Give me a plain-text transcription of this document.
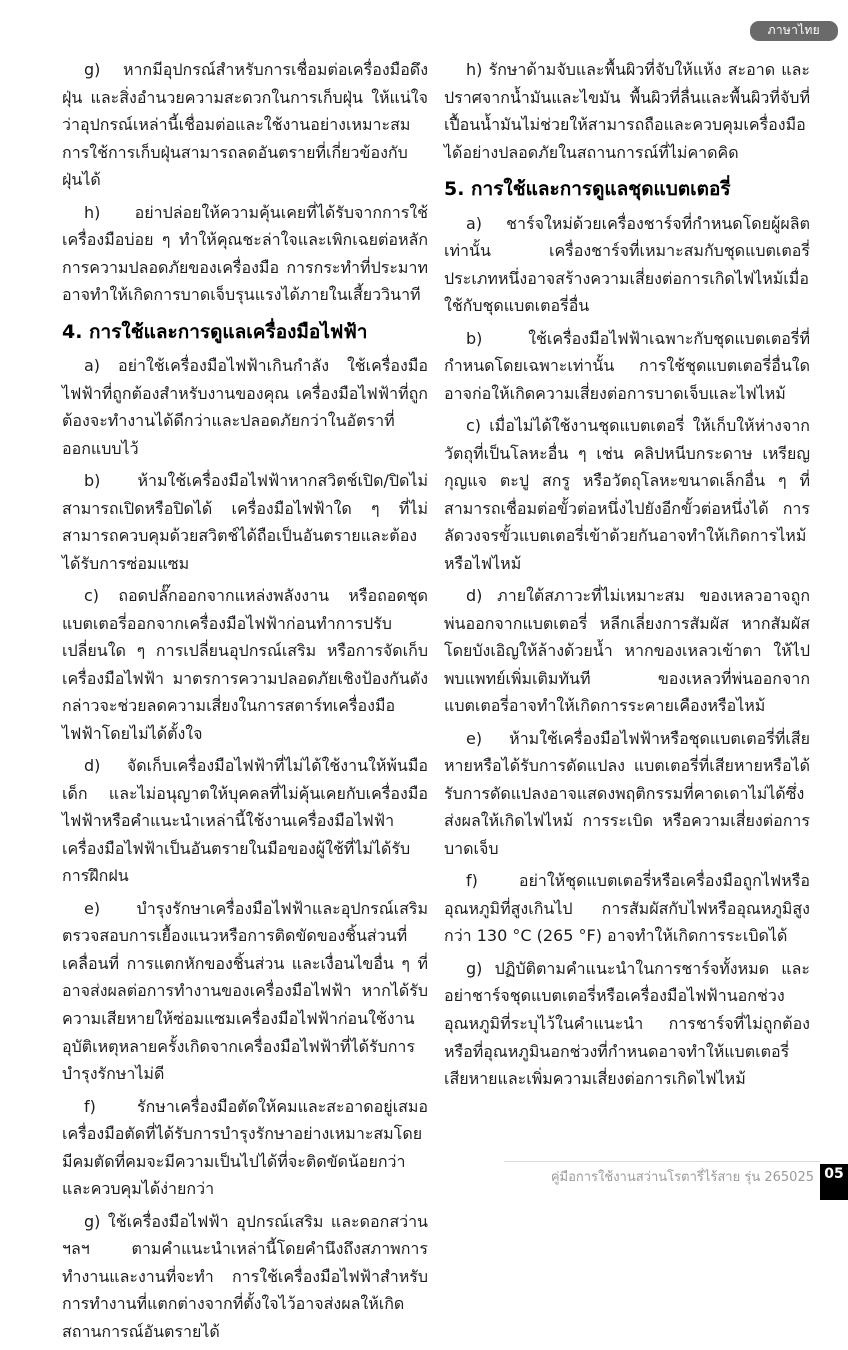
ภาษาไทย

g) หากมีอุปกรณ์สำหรับการเชื่อมต่อเครื่องมือดึงฝุ่น และสิ่งอำนวยความสะดวกในการเก็บฝุ่น ให้แน่ใจว่าอุปกรณ์เหล่านี้เชื่อมต่อและใช้งานอย่างเหมาะสม การใช้การเก็บฝุ่นสามารถลดอันตรายที่เกี่ยวข้องกับฝุ่นได้

h) อย่าปล่อยให้ความคุ้นเคยที่ได้รับจากการใช้เครื่องมือบ่อย ๆ ทำให้คุณชะล่าใจและเพิกเฉยต่อหลักการความปลอดภัยของเครื่องมือ การกระทำที่ประมาทอาจทำให้เกิดการบาดเจ็บรุนแรงได้ภายในเสี้ยววินาที

4. การใช้และการดูแลเครื่องมือไฟฟ้า

a) อย่าใช้เครื่องมือไฟฟ้าเกินกำลัง ใช้เครื่องมือไฟฟ้าที่ถูกต้องสำหรับงานของคุณ เครื่องมือไฟฟ้าที่ถูกต้องจะทำงานได้ดีกว่าและปลอดภัยกว่าในอัตราที่ออกแบบไว้

b) ห้ามใช้เครื่องมือไฟฟ้าหากสวิตช์เปิด/ปิดไม่สามารถเปิดหรือปิดได้ เครื่องมือไฟฟ้าใด ๆ ที่ไม่สามารถควบคุมด้วยสวิตช์ได้ถือเป็นอันตรายและต้องได้รับการซ่อมแซม

c) ถอดปลั๊กออกจากแหล่งพลังงาน หรือถอดชุดแบตเตอรี่ออกจากเครื่องมือไฟฟ้าก่อนทำการปรับเปลี่ยนใด ๆ การเปลี่ยนอุปกรณ์เสริม หรือการจัดเก็บเครื่องมือไฟฟ้า มาตรการความปลอดภัยเชิงป้องกันดังกล่าวจะช่วยลดความเสี่ยงในการสตาร์ทเครื่องมือไฟฟ้าโดยไม่ได้ตั้งใจ

d) จัดเก็บเครื่องมือไฟฟ้าที่ไม่ได้ใช้งานให้พ้นมือเด็ก และไม่อนุญาตให้บุคคลที่ไม่คุ้นเคยกับเครื่องมือไฟฟ้าหรือคำแนะนำเหล่านี้ใช้งานเครื่องมือไฟฟ้า เครื่องมือไฟฟ้าเป็นอันตรายในมือของผู้ใช้ที่ไม่ได้รับการฝึกฝน

e) บำรุงรักษาเครื่องมือไฟฟ้าและอุปกรณ์เสริม ตรวจสอบการเยื้องแนวหรือการติดขัดของชิ้นส่วนที่เคลื่อนที่ การแตกหักของชิ้นส่วน และเงื่อนไขอื่น ๆ ที่อาจส่งผลต่อการทำงานของเครื่องมือไฟฟ้า หากได้รับความเสียหายให้ซ่อมแซมเครื่องมือไฟฟ้าก่อนใช้งาน อุบัติเหตุหลายครั้งเกิดจากเครื่องมือไฟฟ้าที่ได้รับการบำรุงรักษาไม่ดี

f) รักษาเครื่องมือตัดให้คมและสะอาดอยู่เสมอ เครื่องมือตัดที่ได้รับการบำรุงรักษาอย่างเหมาะสมโดยมีคมตัดที่คมจะมีความเป็นไปได้ที่จะติดขัดน้อยกว่า และควบคุมได้ง่ายกว่า

g) ใช้เครื่องมือไฟฟ้า อุปกรณ์เสริม และดอกสว่าน ฯลฯ ตามคำแนะนำเหล่านี้โดยคำนึงถึงสภาพการทำงานและงานที่จะทำ การใช้เครื่องมือไฟฟ้าสำหรับการทำงานที่แตกต่างจากที่ตั้งใจไว้อาจส่งผลให้เกิดสถานการณ์อันตรายได้

h) รักษาด้ามจับและพื้นผิวที่จับให้แห้ง สะอาด และปราศจากน้ำมันและไขมัน พื้นผิวที่ลื่นและพื้นผิวที่จับที่เปื้อนน้ำมันไม่ช่วยให้สามารถถือและควบคุมเครื่องมือได้อย่างปลอดภัยในสถานการณ์ที่ไม่คาดคิด

5. การใช้และการดูแลชุดแบตเตอรี่

a) ชาร์จใหม่ด้วยเครื่องชาร์จที่กำหนดโดยผู้ผลิตเท่านั้น เครื่องชาร์จที่เหมาะสมกับชุดแบตเตอรี่ประเภทหนึ่งอาจสร้างความเสี่ยงต่อการเกิดไฟไหม้เมื่อใช้กับชุดแบตเตอรี่อื่น

b) ใช้เครื่องมือไฟฟ้าเฉพาะกับชุดแบตเตอรี่ที่กำหนดโดยเฉพาะเท่านั้น การใช้ชุดแบตเตอรี่อื่นใดอาจก่อให้เกิดความเสี่ยงต่อการบาดเจ็บและไฟไหม้

c) เมื่อไม่ได้ใช้งานชุดแบตเตอรี่ ให้เก็บให้ห่างจากวัตถุที่เป็นโลหะอื่น ๆ เช่น คลิปหนีบกระดาษ เหรียญ กุญแจ ตะปู สกรู หรือวัตถุโลหะขนาดเล็กอื่น ๆ ที่สามารถเชื่อมต่อขั้วต่อหนึ่งไปยังอีกขั้วต่อหนึ่งได้ การลัดวงจรขั้วแบตเตอรี่เข้าด้วยกันอาจทำให้เกิดการไหม้หรือไฟไหม้

d) ภายใต้สภาวะที่ไม่เหมาะสม ของเหลวอาจถูกพ่นออกจากแบตเตอรี่ หลีกเลี่ยงการสัมผัส หากสัมผัสโดยบังเอิญให้ล้างด้วยน้ำ หากของเหลวเข้าตา ให้ไปพบแพทย์เพิ่มเติมทันที ของเหลวที่พ่นออกจากแบตเตอรี่อาจทำให้เกิดการระคายเคืองหรือไหม้

e) ห้ามใช้เครื่องมือไฟฟ้าหรือชุดแบตเตอรี่ที่เสียหายหรือได้รับการดัดแปลง แบตเตอรี่ที่เสียหายหรือได้รับการดัดแปลงอาจแสดงพฤติกรรมที่คาดเดาไม่ได้ซึ่งส่งผลให้เกิดไฟไหม้ การระเบิด หรือความเสี่ยงต่อการบาดเจ็บ

f) อย่าให้ชุดแบตเตอรี่หรือเครื่องมือถูกไฟหรืออุณหภูมิที่สูงเกินไป การสัมผัสกับไฟหรืออุณหภูมิสูงกว่า 130 °C (265 °F) อาจทำให้เกิดการระเบิดได้

g) ปฏิบัติตามคำแนะนำในการชาร์จทั้งหมด และอย่าชาร์จชุดแบตเตอรี่หรือเครื่องมือไฟฟ้านอกช่วงอุณหภูมิที่ระบุไว้ในคำแนะนำ การชาร์จที่ไม่ถูกต้องหรือที่อุณหภูมินอกช่วงที่กำหนดอาจทำให้แบตเตอรี่เสียหายและเพิ่มความเสี่ยงต่อการเกิดไฟไหม้

คู่มือการใช้งานสว่านโรตารี่ไร้สาย รุ่น 265025 05
